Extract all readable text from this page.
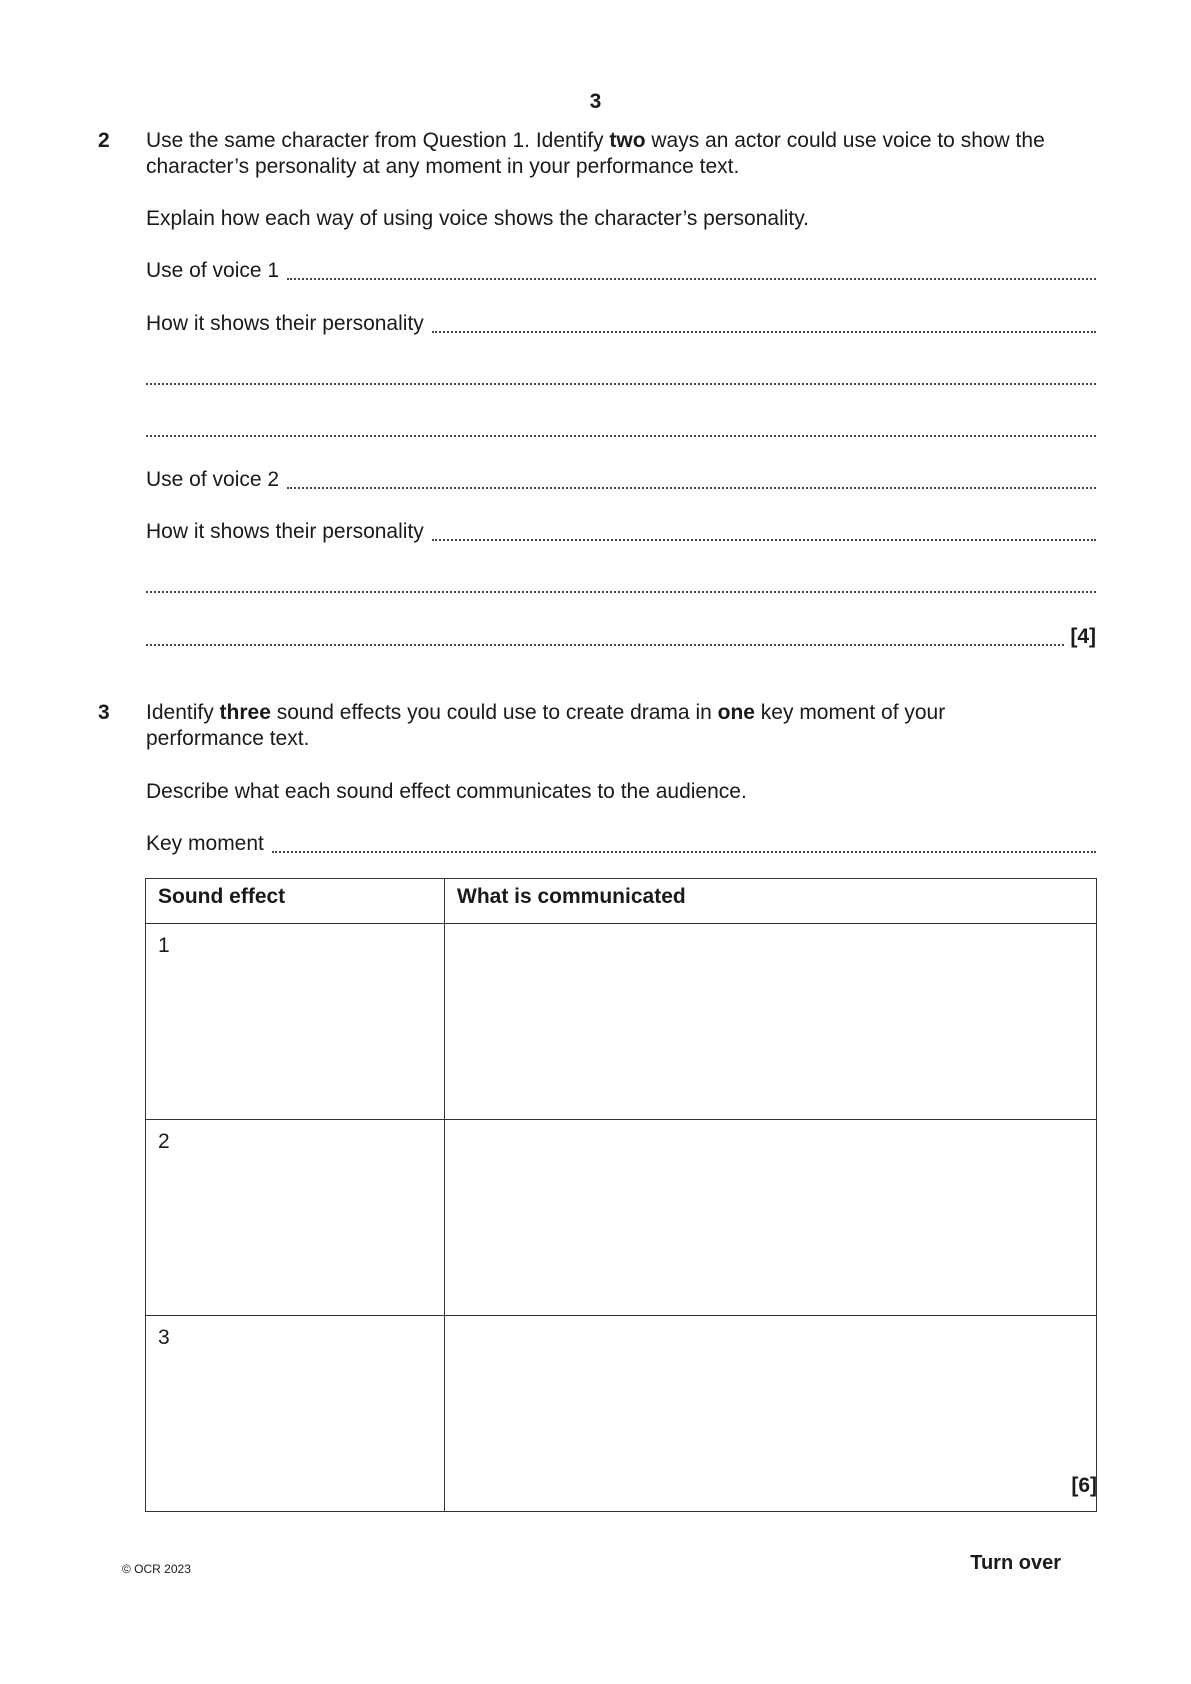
3
2 Use the same character from Question 1. Identify two ways an actor could use voice to show the
character’s personality at any moment in your performance text.
Explain how each way of using voice shows the character’s personality.
Use of voice 1
How it shows their personality
Use of voice 2
How it shows their personality
[4]
3 Identify three sound effects you could use to create drama in one key moment of your
performance text.
Describe what each sound effect communicates to the audience.
Key moment
Sound effect	What is communicated
1	
2	
3	
[6]
© OCR 2023	Turn over
